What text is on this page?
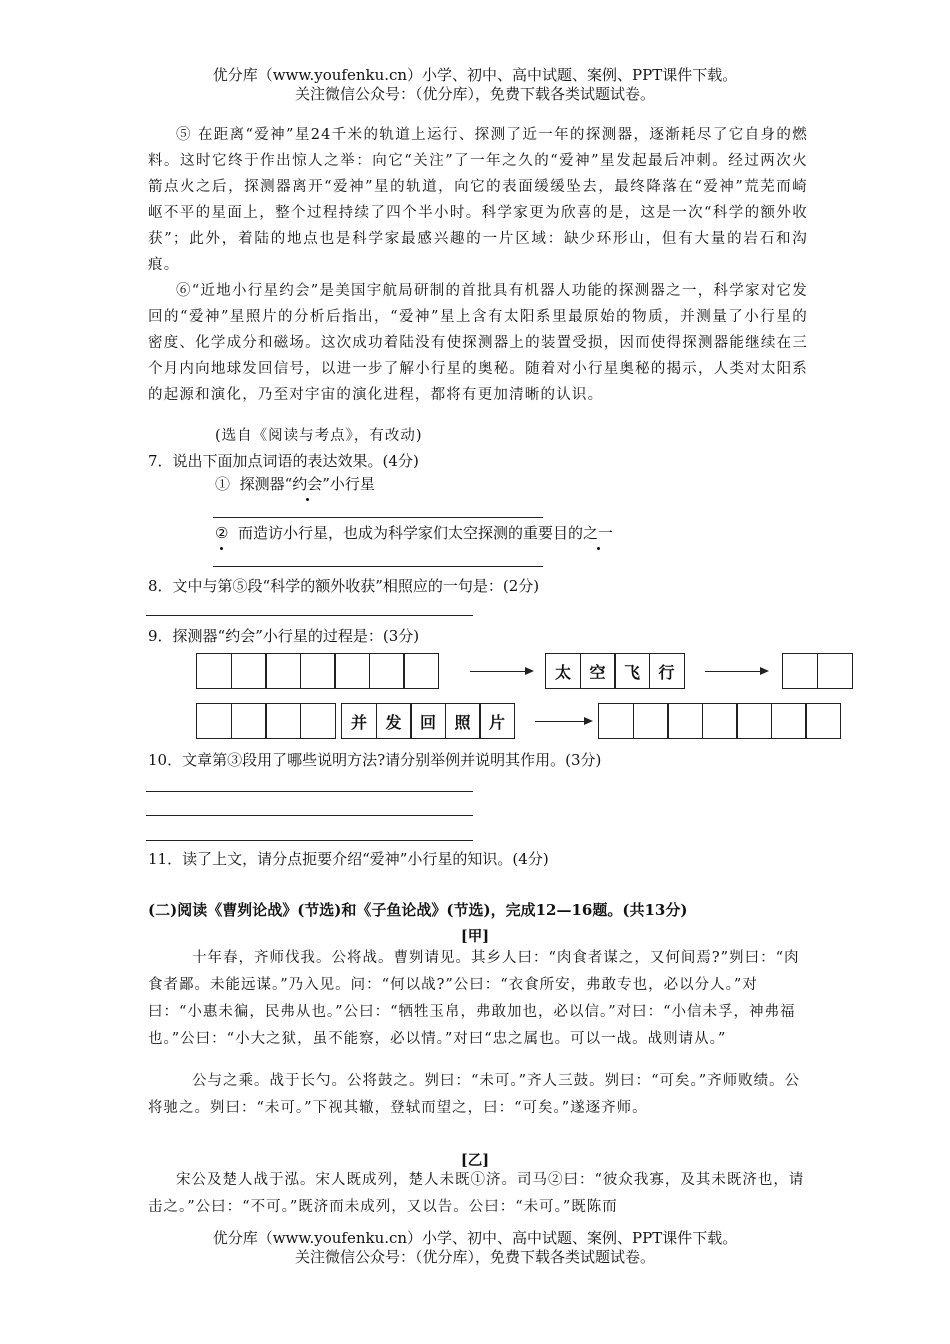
优分库（www.youfenku.cn）小学、初中、高中试题、案例、PPT课件下载。
关注微信公众号：（优分库），免费下载各类试题试卷。
⑤ 在距离“爱神”星24千米的轨道上运行、探测了近一年的探测器，逐渐耗尽了它自身的燃料。这时它终于作出惊人之举：向它“关注”了一年之久的“爱神”星发起最后冲刺。经过两次火箭点火之后，探测器离开“爱神”星的轨道，向它的表面缓缓坠去，最终降落在“爱神”荒芜而崎岖不平的星面上，整个过程持续了四个半小时。科学家更为欣喜的是，这是一次“科学的额外收获”；此外，着陆的地点也是科学家最感兴趣的一片区域：缺少环形山，但有大量的岩石和沟痕。
⑥“近地小行星约会”是美国宇航局研制的首批具有机器人功能的探测器之一，科学家对它发回的“爱神”星照片的分析后指出，“爱神”星上含有太阳系里最原始的物质，并测量了小行星的密度、化学成分和磁场。这次成功着陆没有使探测器上的装置受损，因而使得探测器能继续在三个月内向地球发回信号，以进一步了解小行星的奥秘。随着对小行星奥秘的揭示，人类对太阳系的起源和演化，乃至对宇宙的演化进程，都将有更加清晰的认识。
(选自《阅读与考点》，有改动)
7．说出下面加点词语的表达效果。(4分)
① 探测器“约会”小行星
② 而造访小行星，也成为科学家们太空探测的重要目的之一
8．文中与第⑤段“科学的额外收获”相照应的一句是：(2分)
9．探测器“约会”小行星的过程是：(3分)
太	空	飞	行
并	发	回	照	片
10．文章第③段用了哪些说明方法?请分别举例并说明其作用。(3分)
11．读了上文，请分点扼要介绍“爱神”小行星的知识。(4分)
(二)阅读《曹刿论战》(节选)和《子鱼论战》(节选)，完成12—16题。(共13分)
[甲]
十年春，齐师伐我。公将战。曹刿请见。其乡人曰：“肉食者谋之，又何间焉?”刿曰：“肉食者鄙。未能远谋。”乃入见。问：“何以战?”公曰：“衣食所安，弗敢专也，必以分人。”对曰：“小惠未徧，民弗从也。”公曰：“牺牲玉帛，弗敢加也，必以信。”对曰：“小信未孚，神弗福也。”公曰：“小大之狱，虽不能察，必以情。”对曰“忠之属也。可以一战。战则请从。”
公与之乘。战于长勺。公将鼓之。刿曰：“未可。”齐人三鼓。刿曰：“可矣。”齐师败绩。公将驰之。刿曰：“未可。”下视其辙，登轼而望之，曰：“可矣。”遂逐齐师。
[乙]
宋公及楚人战于泓。宋人既成列，楚人未既①济。司马②曰：“彼众我寡，及其未既济也，请击之。”公曰：“不可。”既济而未成列，又以告。公曰：“未可。”既陈而
优分库（www.youfenku.cn）小学、初中、高中试题、案例、PPT课件下载。
关注微信公众号：（优分库），免费下载各类试题试卷。
